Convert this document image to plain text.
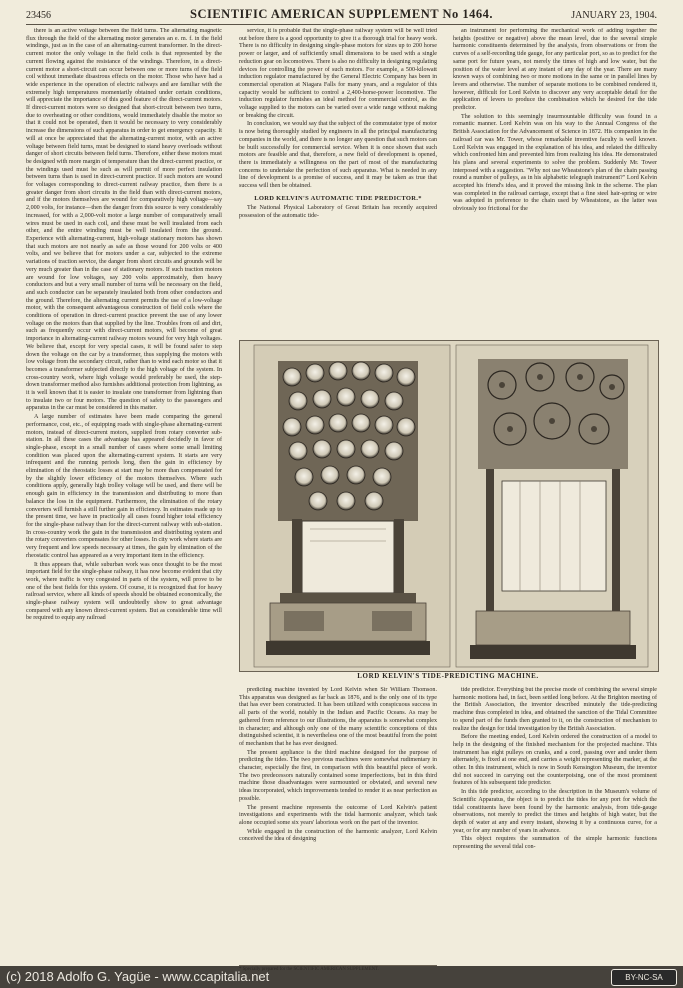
23456	SCIENTIFIC AMERICAN SUPPLEMENT No 1464.	JANUARY 23, 1904.

there is an active voltage between the field turns. The alternating magnetic flux through the field of the alternating motor generates an e. m. f. in the field windings, just as in the case of an alternating-current transformer. In the direct-current motor the only voltage in the field coils is that represented by the current flowing against the resistance of the windings. Therefore, in a direct-current motor a short-circuit can occur between one or more turns of the field coil without immediate disastrous effects on the motor. Those who have had a wide experience in the operation of electric railways and are familiar with the extremely high temperatures momentarily obtained under certain conditions, will appreciate the importance of this good feature of the direct-current motors. If direct-current motors were so designed that short-circuit between two turns, due to overheating or other conditions, would immediately disable the motor so that it could not be operated, then it would be necessary to very considerably increase the dimensions of such apparatus in order to get emergency capacity. It will at once be appreciated that the alternating-current motor, with an active voltage between field turns, must be designed to stand heavy overloads without danger of short circuits between field turns. Therefore, either these motors must be designed with more margin of temperature than the direct-current practice, or the windings used must be such as will permit of more perfect insulation between turns than is used in direct-current practice. If such motors are wound for voltages corresponding to direct-current railway practice, then there is a greater danger from short circuits in the field than with direct-current motors, and if the motors themselves are wound for comparatively high voltage—say 2,000 volts, for instance—then the danger from this source is very considerably increased, for with a 2,000-volt motor a large number of comparatively small wires must be used in each coil, and these must be well insulated from each other, and the entire winding must be well insulated from the ground. Experience with alternating-current, high-voltage stationary motors has shown that such motors are not nearly as safe as those wound for 200 volts or 400 volts, and we believe that for motors under a car, subjected to the extreme variations of traction service, the danger from short circuits and grounds will be very much greater than in the case of stationary motors. If such traction motors are wound for low voltages, say 200 volts approximately, then heavy conductors and but a very small number of turns will be necessary on the field, and such conductor can be separately insulated both from other conductors and the ground. Therefore, the alternating current permits the use of a low-voltage motor, with the consequent advantageous construction of field coils where the conditions of operation in direct-current practice prevent the use of any lower voltage on the motors than that supplied by the line. Troubles from oil and dirt, such as frequently occur with direct-current motors, will become of great importance in alternating-current railway motors wound for very high voltages. We believe that, except for very special cases, it will be found safer to step down the voltage on the car by a transformer, thus supplying the motors with low voltage from the secondary circuit, rather than to wind each motor so that it becomes a transformer subjected directly to the high voltage of the system. In cross-country work, where high voltage would preferably be used, the step-down transformer method also furnishes additional protection from lightning, as it is well known that it is easier to insulate one transformer from lightning than to insulate two or four motors. The question of safety to the passengers and apparatus in the car must be considered in this matter.

A large number of estimates have been made comparing the general performance, cost, etc., of equipping roads with single-phase alternating-current motors, instead of direct-current motors, supplied from rotary converter sub-station. In all these cases the advantage has appeared decidedly in favor of single-phase, except in a small number of cases where some small limiting condition was placed upon the alternating-current system. It starts are very infrequent and the running periods long, then the gain in efficiency by elimination of the rheostatic losses at start may be more than compensated for by the slightly lower efficiency of the motors themselves. Where such conditions apply, generally high trolley voltage will be used, and there will be enough gain in efficiency in the transmission and distributing to more than balance the loss in the equipment. Furthermore, the elimination of the rotary converters will furnish a still further gain in efficiency. In estimates made up to the present time, we have in practically all cases found higher total efficiency for the single-phase railway than for the direct-current railway with sub-station. In cross-country work the gain in the transmission and distributing system and the rotary converters compensates for other losses. In city work where starts are very frequent and low speeds necessary at times, the gain by elimination of the rheostatic control has appeared as a very important item in the efficiency.

It thus appears that, while suburban work was once thought to be the most important field for the single-phase railway, it has now become evident that city work, where traffic is very congested in parts of the system, will prove to be one of the best fields for this system. Of course, it is recognized that for heavy railroad service, where all kinds of speeds should be obtained economically, the single-phase railway system will undoubtedly show to great advantage compared with any known direct-current system. But as considerable time will be required to equip any railroad

service, it is probable that the single-phase railway system will be well tried out before there is a good opportunity to give it a thorough trial for heavy work. There is no difficulty in designing single-phase motors for sizes up to 200 horse power or larger, and of sufficiently small dimensions to be used with a single reduction gear on locomotives. There is also no difficulty in designing regulating devices for controlling the power of such motors. For example, a 500-kilowatt induction regulator manufactured by the General Electric Company has been in commercial operation at Niagara Falls for many years, and a regulator of this capacity would be sufficient to control a 2,400-horse-power locomotive. The induction regulator furnishes an ideal method for commercial control, as the voltage supplied to the motors can be varied over a wide range without making or breaking the circuit.

In conclusion, we would say that the subject of the commutator type of motor is now being thoroughly studied by engineers in all the principal manufacturing companies in the world, and there is no longer any question that such motors can be built successfully for commercial service. When it is once shown that such motors are feasible and that, therefore, a new field of development is opened, there is immediately a willingness on the part of most of the manufacturing concerns to undertake the perfection of such apparatus. What is needed in any line of development is a promise of success, and it may be taken as true that success will then be obtained.

LORD KELVIN'S AUTOMATIC TIDE PREDICTOR.*

The National Physical Laboratory of Great Britain has recently acquired possession of the automatic tide-

an instrument for performing the mechanical work of adding together the heights (positive or negative) above the mean level, due to the several simple harmonic constituents determined by the analysis, from observations or from the curves of a self-recording tide gauge, for any particular port, so as to predict for the same port for future years, not merely the times of high and low water, but the position of the water level at any instant of any day of the year. There are many known ways of combining two or more motions in the same or in parallel lines by levers and otherwise. The number of separate motions to be combined rendered it, however, difficult for Lord Kelvin to discover any very acceptable detail for the application of levers to produce the combination which he desired for the tide predictor.

The solution to this seemingly insurmountable difficulty was found in a romantic manner. Lord Kelvin was on his way to the Annual Congress of the British Association for the Advancement of Science in 1872. His companion in the railroad car was Mr. Tower, whose remarkable inventive faculty is well known. Lord Kelvin was engaged in the explanation of his idea, and related the difficulty which confronted him and prevented him from realizing his idea. He demonstrated his plans and several experiments to solve the problem. Suddenly Mr. Tower interposed with a suggestion. "Why not use Wheatstone's plan of the chain passing round a number of pulleys, as in his alphabetic telegraph instrument?" Lord Kelvin accepted his friend's idea, and it proved the missing link in the scheme. The plan was completed in the railroad carriage, except that a fine steel hair-spring or wire was adopted in preference to the chain used by Wheatstone, as the latter was obviously too frictional for the

LORD KELVIN'S TIDE-PREDICTING MACHINE.

predicting machine invented by Lord Kelvin when Sir William Thomson. This apparatus was designed as far back as 1876, and is the only one of its type that has ever been constructed. It has been utilized with conspicuous success in all parts of the world, notably in the Indian and Pacific Oceans. As may be gathered from reference to our illustrations, the apparatus is somewhat complex in character; and although only one of the many scientific conceptions of this distinguished scientist, it is nevertheless one of the most beautiful from the point of mechanism that he has ever designed.

The present appliance is the third machine designed for the purpose of predicting the tides. The two previous machines were somewhat rudimentary in character, especially the first, in comparison with this beautiful piece of work. The two predecessors naturally contained some imperfections, but in this third machine those disadvantages were surmounted or obviated, and several new ideas incorporated, which improvements tended to render it as near perfection as possible.

The present machine represents the outcome of Lord Kelvin's patient investigations and experiments with the tidal harmonic analyzer, which task alone occupied some six years' laborious work on the part of the inventor.

While engaged in the construction of the harmonic analyzer, Lord Kelvin conceived the idea of designing

tide predictor. Everything but the precise mode of combining the several simple harmonic motions had, in fact, been settled long before. At the Brighton meeting of the British Association, the inventor described minutely the tide-predicting machine thus completed in idea, and obtained the sanction of the Tidal Committee to spend part of the funds then granted to it, on the construction of mechanism to realize the design for tidal investigation by the British Association.

Before the meeting ended, Lord Kelvin ordered the construction of a model to help in the designing of the finished mechanism for the projected machine. This instrument has eight pulleys on cranks, and a cord, passing over and under them alternately, is fixed at one end, and carries a weight representing the marker, at the other. In this instrument, which is now in South Kensington Museum, the inventor did not succeed in carrying out the counterpoising, one of the most prominent features of his subsequent tide predictor.

In this tide predictor, according to the description in the Museum's volume of Scientific Apparatus, the object is to predict the tides for any port for which the tidal constituents have been found by the harmonic analysis, from tide-gauge observations, not merely to predict the times and heights of high water, but the depth of water at any and every instant, showing it by a continuous curve, for a year, or for any number of years in advance.

This object requires the summation of the simple harmonic functions representing the several tidal con-

(c) 2018 Adolfo G. Yagüe - www.ccapitalia.net	BY-NC-SA
